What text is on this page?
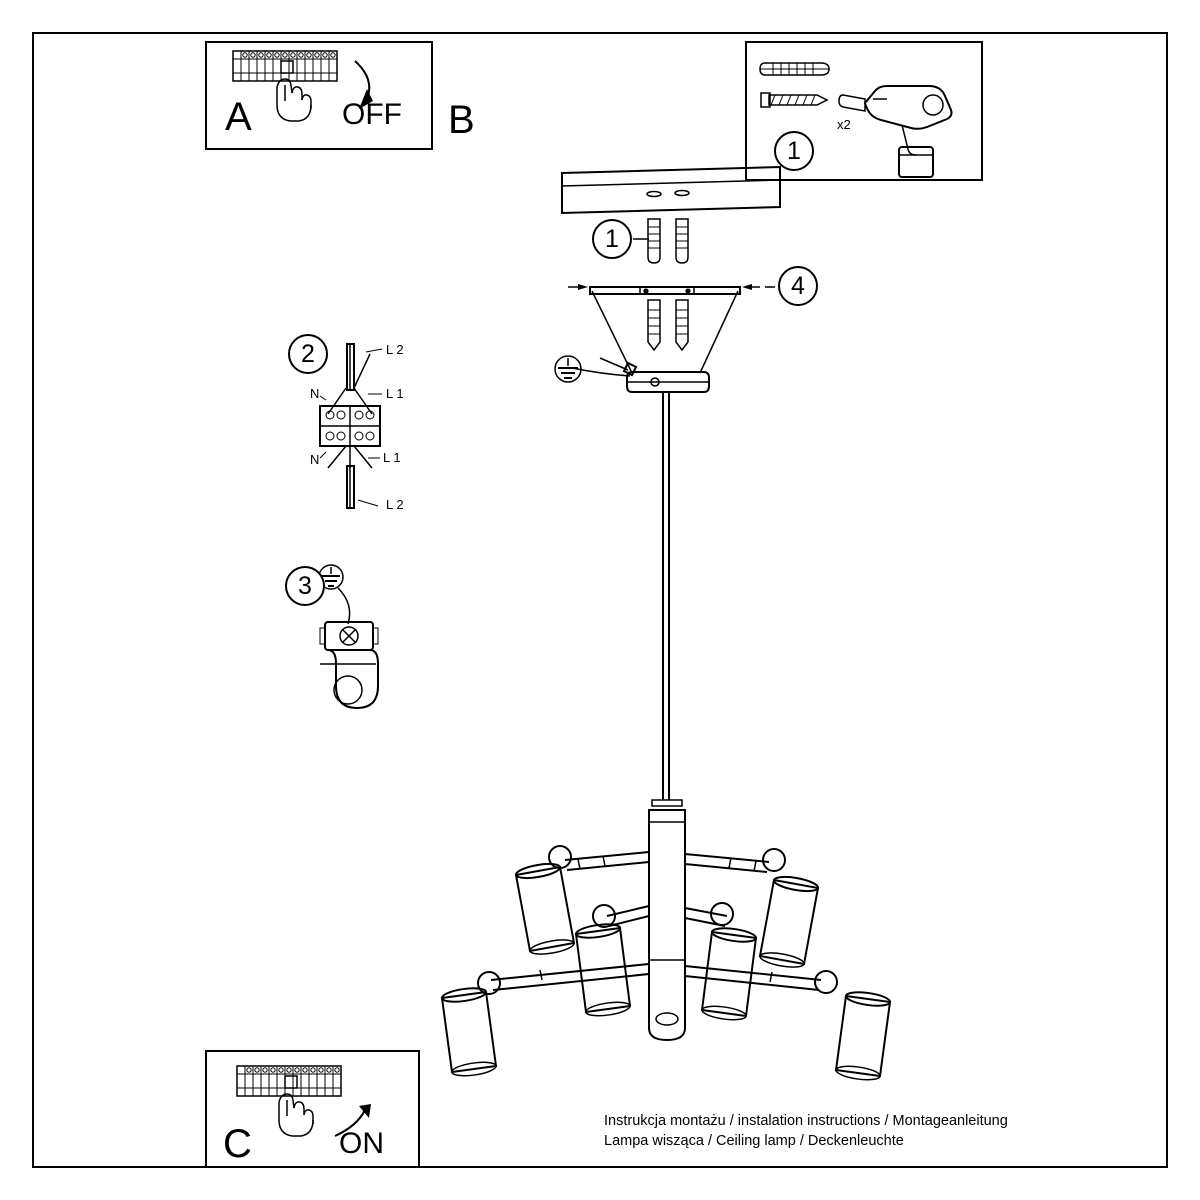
A	OFF B	x2
1
1
4
2
3
L 2
L 1
N
N	L 1
L 2
C	ON
Instrukcja montażu / instalation instructions / Montageanleitung
Lampa wisząca / Ceiling lamp / Deckenleuchte
